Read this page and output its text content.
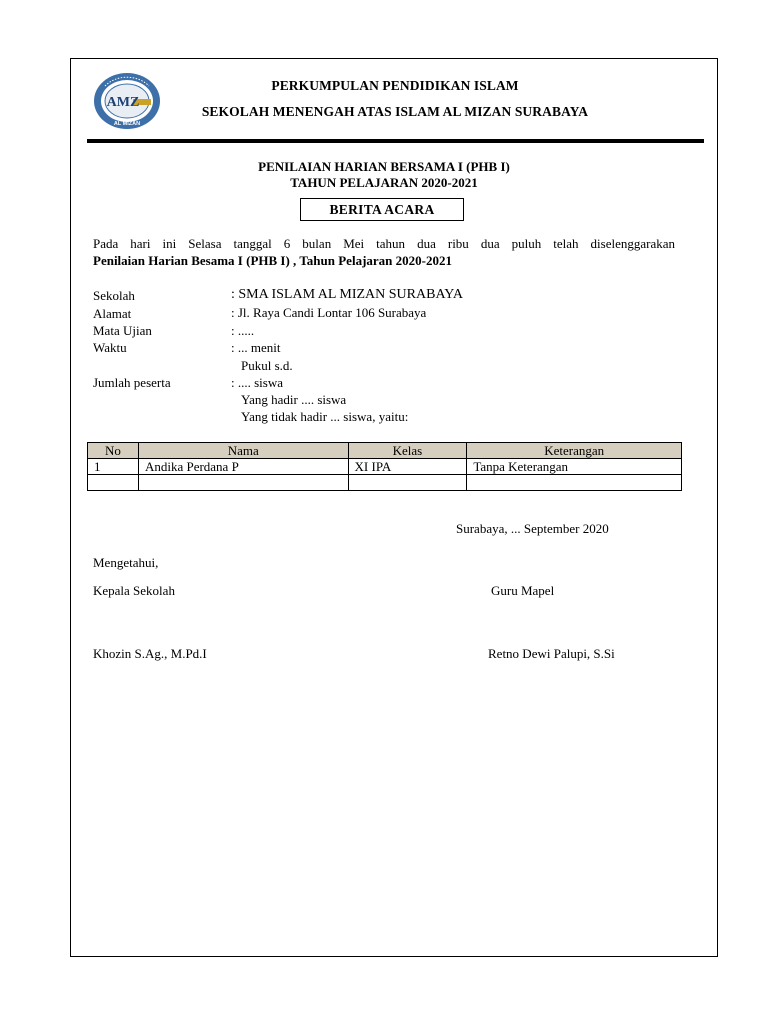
AMZ
AL MIZAN
PERKUMPULAN PENDIDIKAN ISLAM
SEKOLAH MENENGAH ATAS ISLAM AL MIZAN SURABAYA
PENILAIAN HARIAN BERSAMA I (PHB I)
TAHUN PELAJARAN 2020-2021
BERITA ACARA
Pada hari ini Selasa tanggal 6 bulan Mei tahun dua ribu dua puluh telah diselenggarakan
Penilaian Harian Besama I (PHB I) , Tahun Pelajaran 2020-2021
Sekolah	: SMA ISLAM AL MIZAN SURABAYA
Alamat	: Jl. Raya Candi Lontar 106 Surabaya
Mata Ujian	: .....
Waktu	: ... menit
Pukul s.d.
Jumlah peserta	: .... siswa
Yang hadir .... siswa
Yang tidak hadir ... siswa, yaitu:
No	Nama	Kelas	Keterangan
1	Andika Perdana P	XI IPA	Tanpa Keterangan

Surabaya, ... September 2020
Mengetahui,
Kepala Sekolah	Guru Mapel
Khozin S.Ag., M.Pd.I	Retno Dewi Palupi, S.Si
